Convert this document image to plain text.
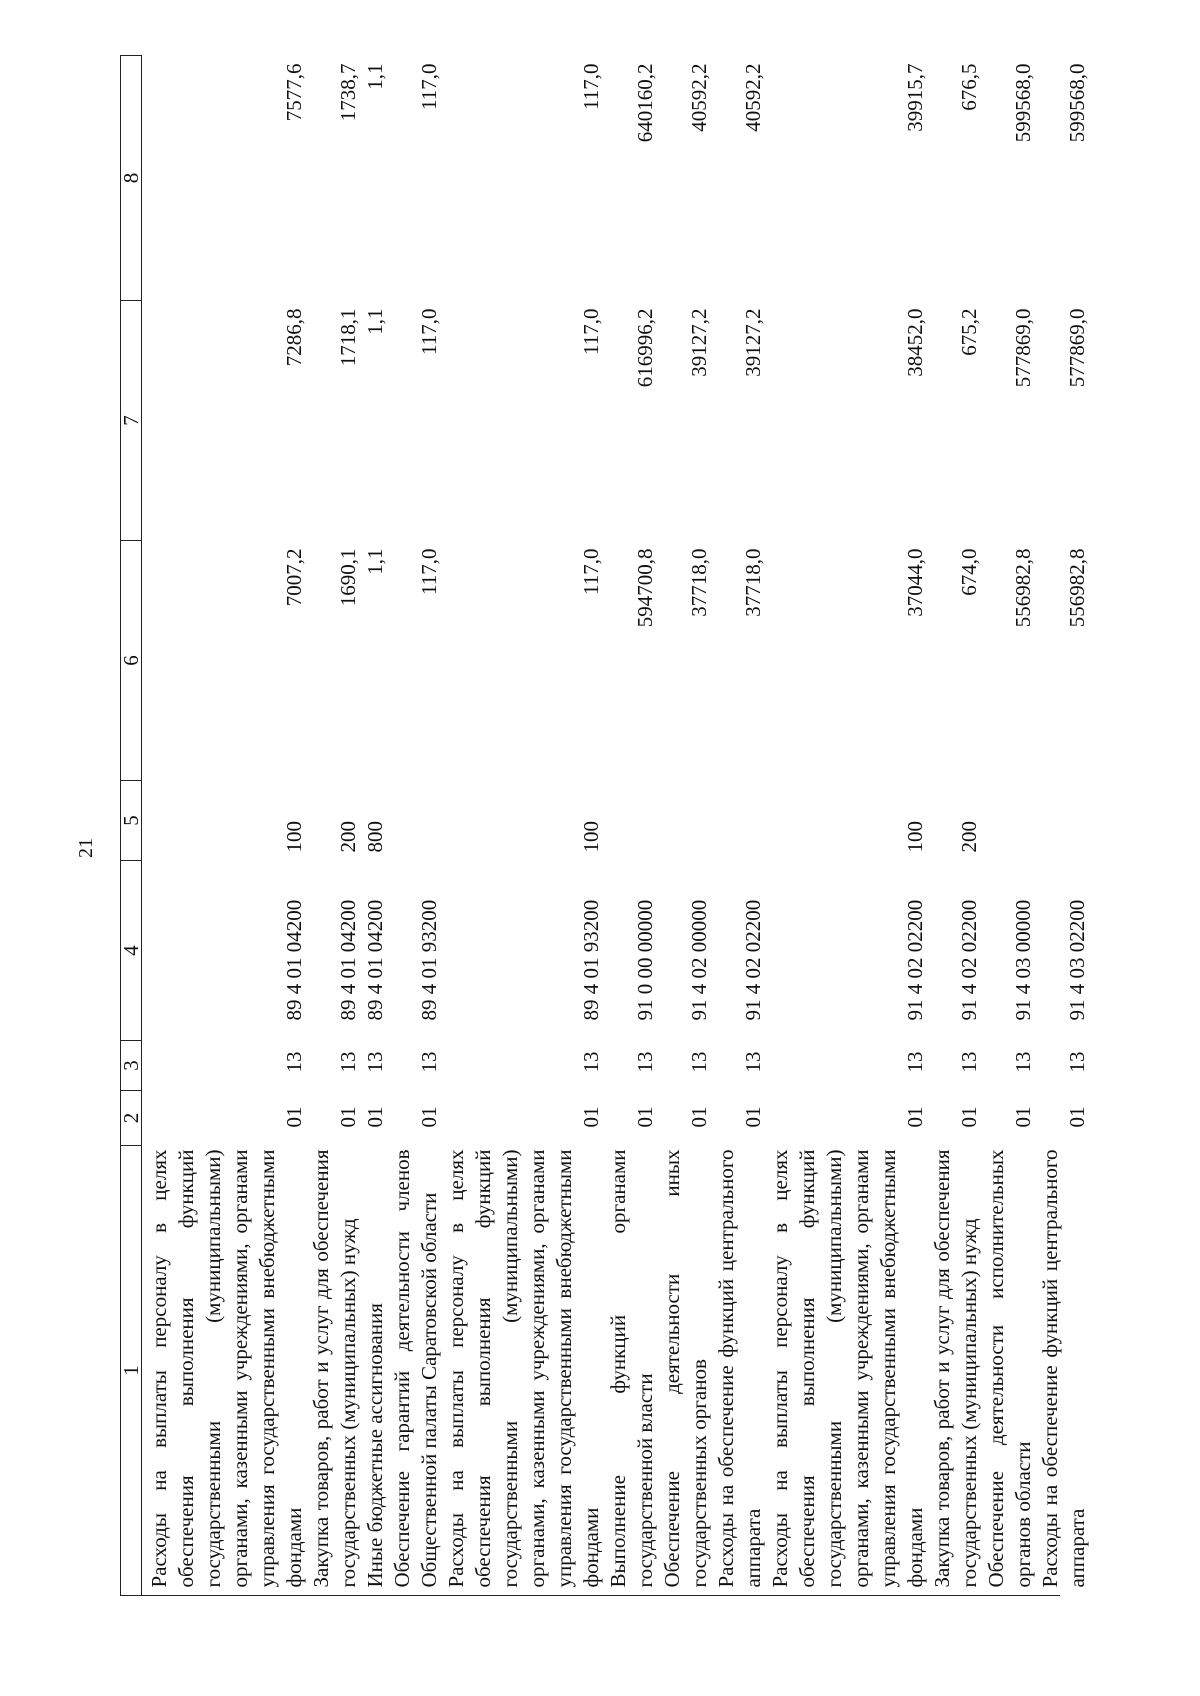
21
1	2	3	4	5	6	7	8
Расходы на выплаты персоналу в целях обеспечения выполнения функций государственными (муниципальными) органами, казенными учреждениями, органами управления государственными внебюджетными фондами	01	13	89 4 01 04200	100	7007,2	7286,8	7577,6
Закупка товаров, работ и услуг для обеспечения государственных (муниципальных) нужд	01	13	89 4 01 04200	200	1690,1	1718,1	1738,7
Иные бюджетные ассигнования	01	13	89 4 01 04200	800	1,1	1,1	1,1
Обеспечение гарантий деятельности членов Общественной палаты Саратовской области	01	13	89 4 01 93200		117,0	117,0	117,0
Расходы на выплаты персоналу в целях обеспечения выполнения функций государственными (муниципальными) органами, казенными учреждениями, органами управления государственными внебюджетными фондами	01	13	89 4 01 93200	100	117,0	117,0	117,0
Выполнение функций органами государственной власти	01	13	91 0 00 00000		594700,8	616996,2	640160,2
Обеспечение деятельности иных государственных органов	01	13	91 4 02 00000		37718,0	39127,2	40592,2
Расходы на обеспечение функций центрального аппарата	01	13	91 4 02 02200		37718,0	39127,2	40592,2
Расходы на выплаты персоналу в целях обеспечения выполнения функций государственными (муниципальными) органами, казенными учреждениями, органами управления государственными внебюджетными фондами	01	13	91 4 02 02200	100	37044,0	38452,0	39915,7
Закупка товаров, работ и услуг для обеспечения государственных (муниципальных) нужд	01	13	91 4 02 02200	200	674,0	675,2	676,5
Обеспечение деятельности исполнительных органов области	01	13	91 4 03 00000		556982,8	577869,0	599568,0
Расходы на обеспечение функций центрального аппарата	01	13	91 4 03 02200		556982,8	577869,0	599568,0
